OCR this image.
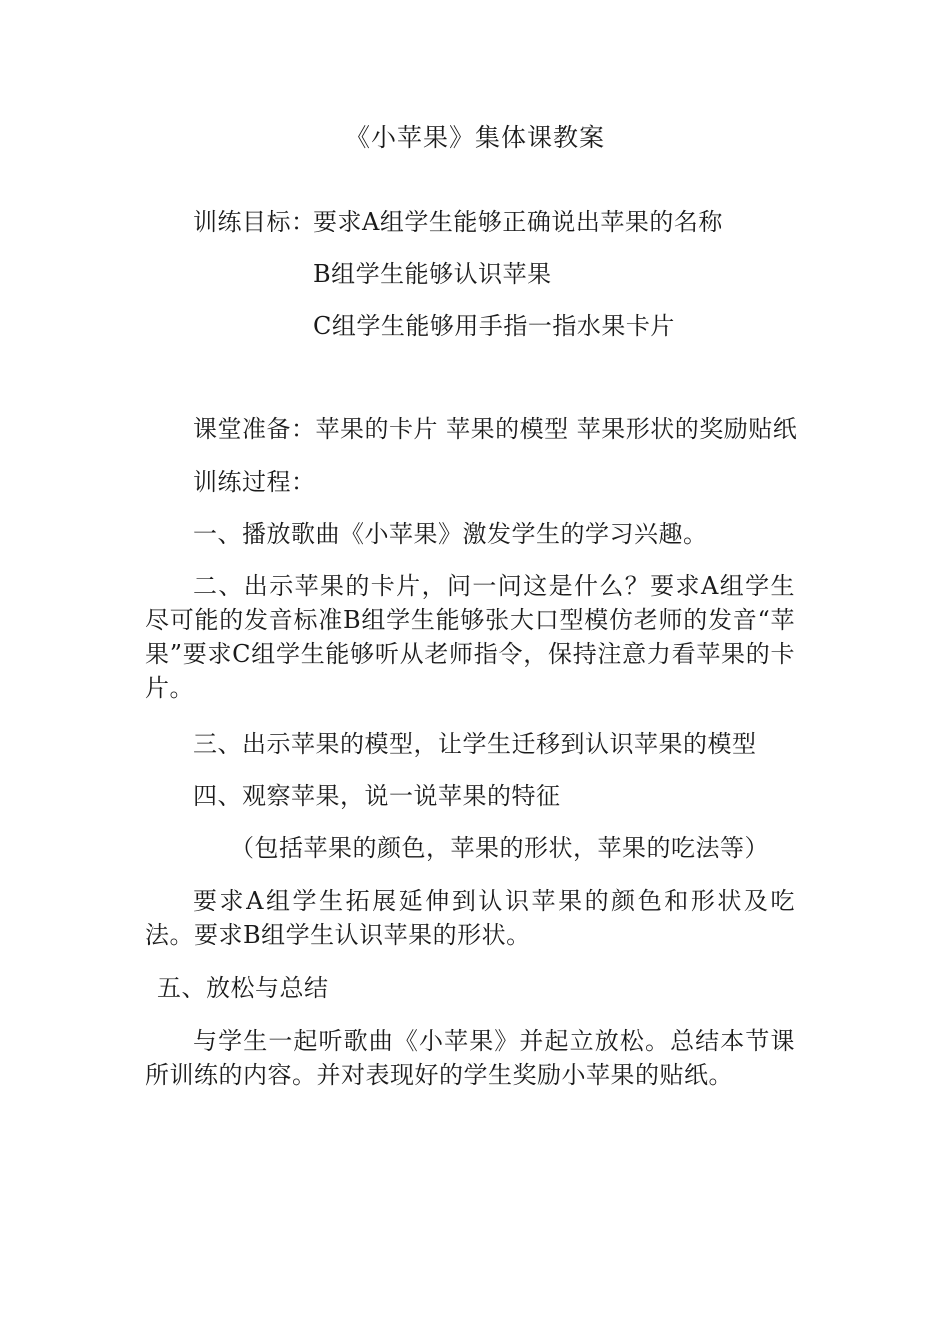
《小苹果》集体课教案
训练目标：
要求A组学生能够正确说出苹果的名称
B组学生能够认识苹果
C组学生能够用手指一指水果卡片
课堂准备：苹果的卡片 苹果的模型 苹果形状的奖励贴纸
训练过程：
一、播放歌曲《小苹果》激发学生的学习兴趣。

二、出示苹果的卡片，问一问这是什么？要求A组学生尽可能的发音标准B组学生能够张大口型模仿老师的发音“苹果”要求C组学生能够听从老师指令，保持注意力看苹果的卡片。

三、出示苹果的模型，让学生迁移到认识苹果的模型
四、观察苹果，说一说苹果的特征
（包括苹果的颜色，苹果的形状，苹果的吃法等）

要求A组学生拓展延伸到认识苹果的颜色和形状及吃法。要求B组学生认识苹果的形状。

五、放松与总结

与学生一起听歌曲《小苹果》并起立放松。总结本节课所训练的内容。并对表现好的学生奖励小苹果的贴纸。
